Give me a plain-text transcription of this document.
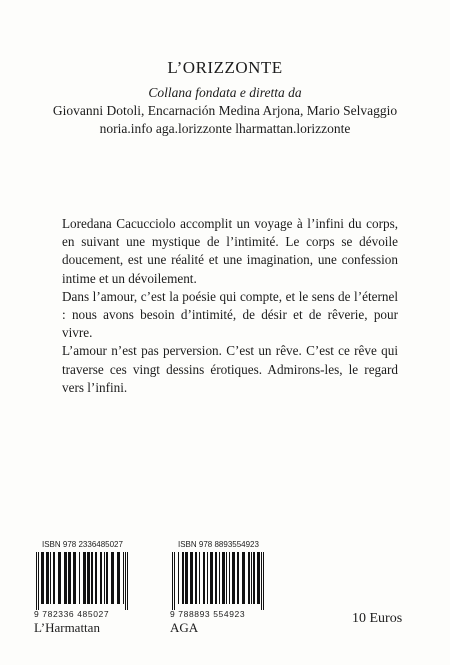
L’ORIZZONTE
Collana fondata e diretta da
Giovanni Dotoli, Encarnación Medina Arjona, Mario Selvaggio
noria.info aga.lorizzonte lharmattan.lorizzonte

Loredana Cacucciolo accomplit un voyage à l’infini du corps, en suivant une mystique de l’intimité. Le corps se dévoile doucement, est une réalité et une imagination, une confession intime et un dévoilement.

Dans l’amour, c’est la poésie qui compte, et le sens de l’éternel : nous avons besoin d’intimité, de désir et de rêverie, pour vivre.

L’amour n’est pas perversion. C’est un rêve. C’est ce rêve qui traverse ces vingt dessins érotiques. Admirons-les, le regard vers l’infini.

ISBN 978 2336485027
9 782336 485027
L’Harmattan
ISBN 978 8893554923
9 788893 554923
AGA
10 Euros
